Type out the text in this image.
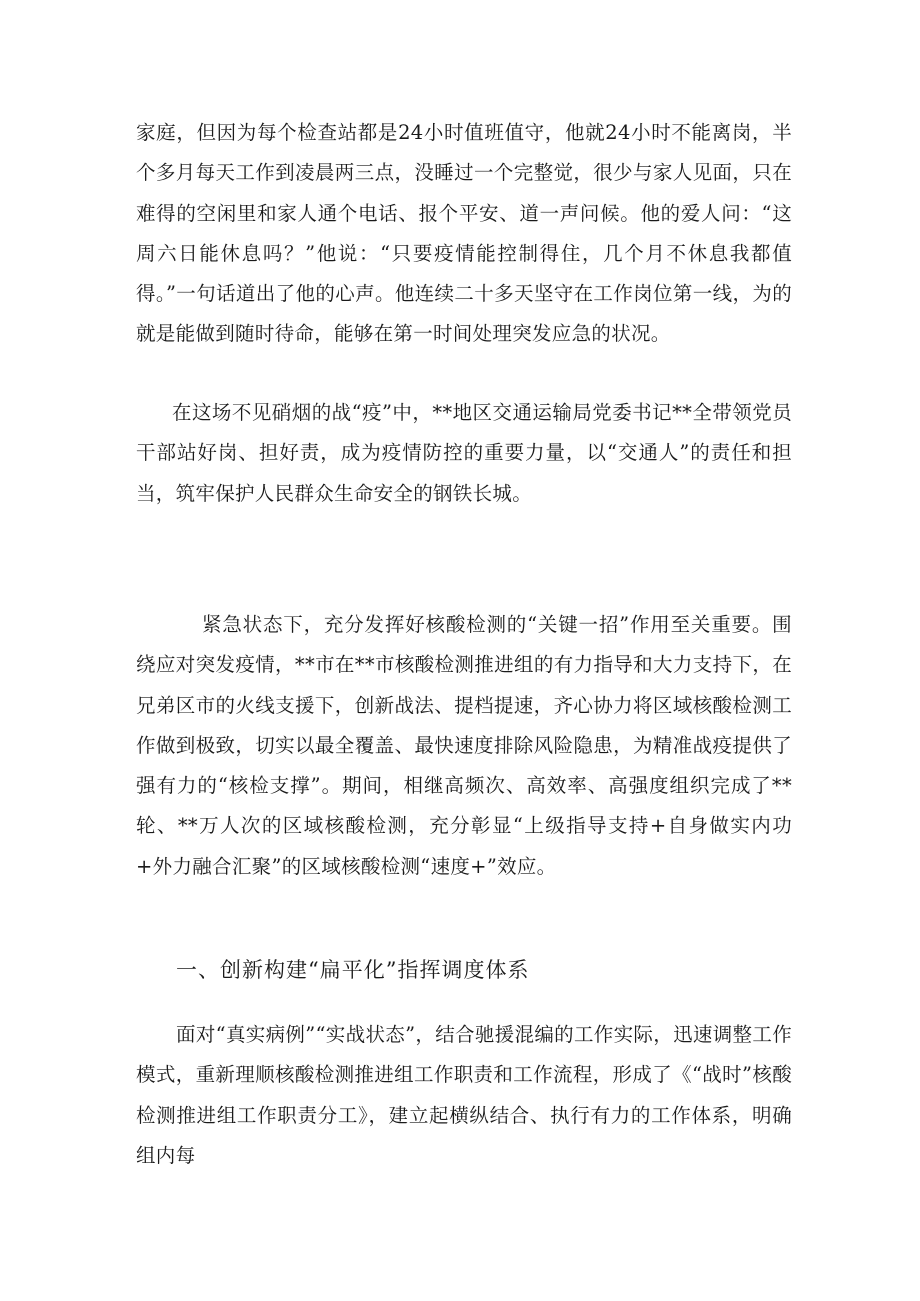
家庭，但因为每个检查站都是24小时值班值守，他就24小时不能离岗，半个多月每天工作到凌晨两三点，没睡过一个完整觉，很少与家人见面，只在难得的空闲里和家人通个电话、报个平安、道一声问候。他的爱人问：“这周六日能休息吗？”他说：“只要疫情能控制得住，几个月不休息我都值得。”一句话道出了他的心声。他连续二十多天坚守在工作岗位第一线，为的就是能做到随时待命，能够在第一时间处理突发应急的状况。

在这场不见硝烟的战“疫”中，**地区交通运输局党委书记**全带领党员干部站好岗、担好责，成为疫情防控的重要力量，以“交通人”的责任和担当，筑牢保护人民群众生命安全的钢铁长城。

紧急状态下，充分发挥好核酸检测的“关键一招”作用至关重要。围绕应对突发疫情，**市在**市核酸检测推进组的有力指导和大力支持下，在兄弟区市的火线支援下，创新战法、提档提速，齐心协力将区域核酸检测工作做到极致，切实以最全覆盖、最快速度排除风险隐患，为精准战疫提供了强有力的“核检支撑”。期间，相继高频次、高效率、高强度组织完成了**轮、**万人次的区域核酸检测，充分彰显“上级指导支持+自身做实内功+外力融合汇聚”的区域核酸检测“速度+”效应。

一、创新构建“扁平化”指挥调度体系

面对“真实病例”“实战状态”，结合驰援混编的工作实际，迅速调整工作模式，重新理顺核酸检测推进组工作职责和工作流程，形成了《“战时”核酸检测推进组工作职责分工》，建立起横纵结合、执行有力的工作体系，明确组内每
